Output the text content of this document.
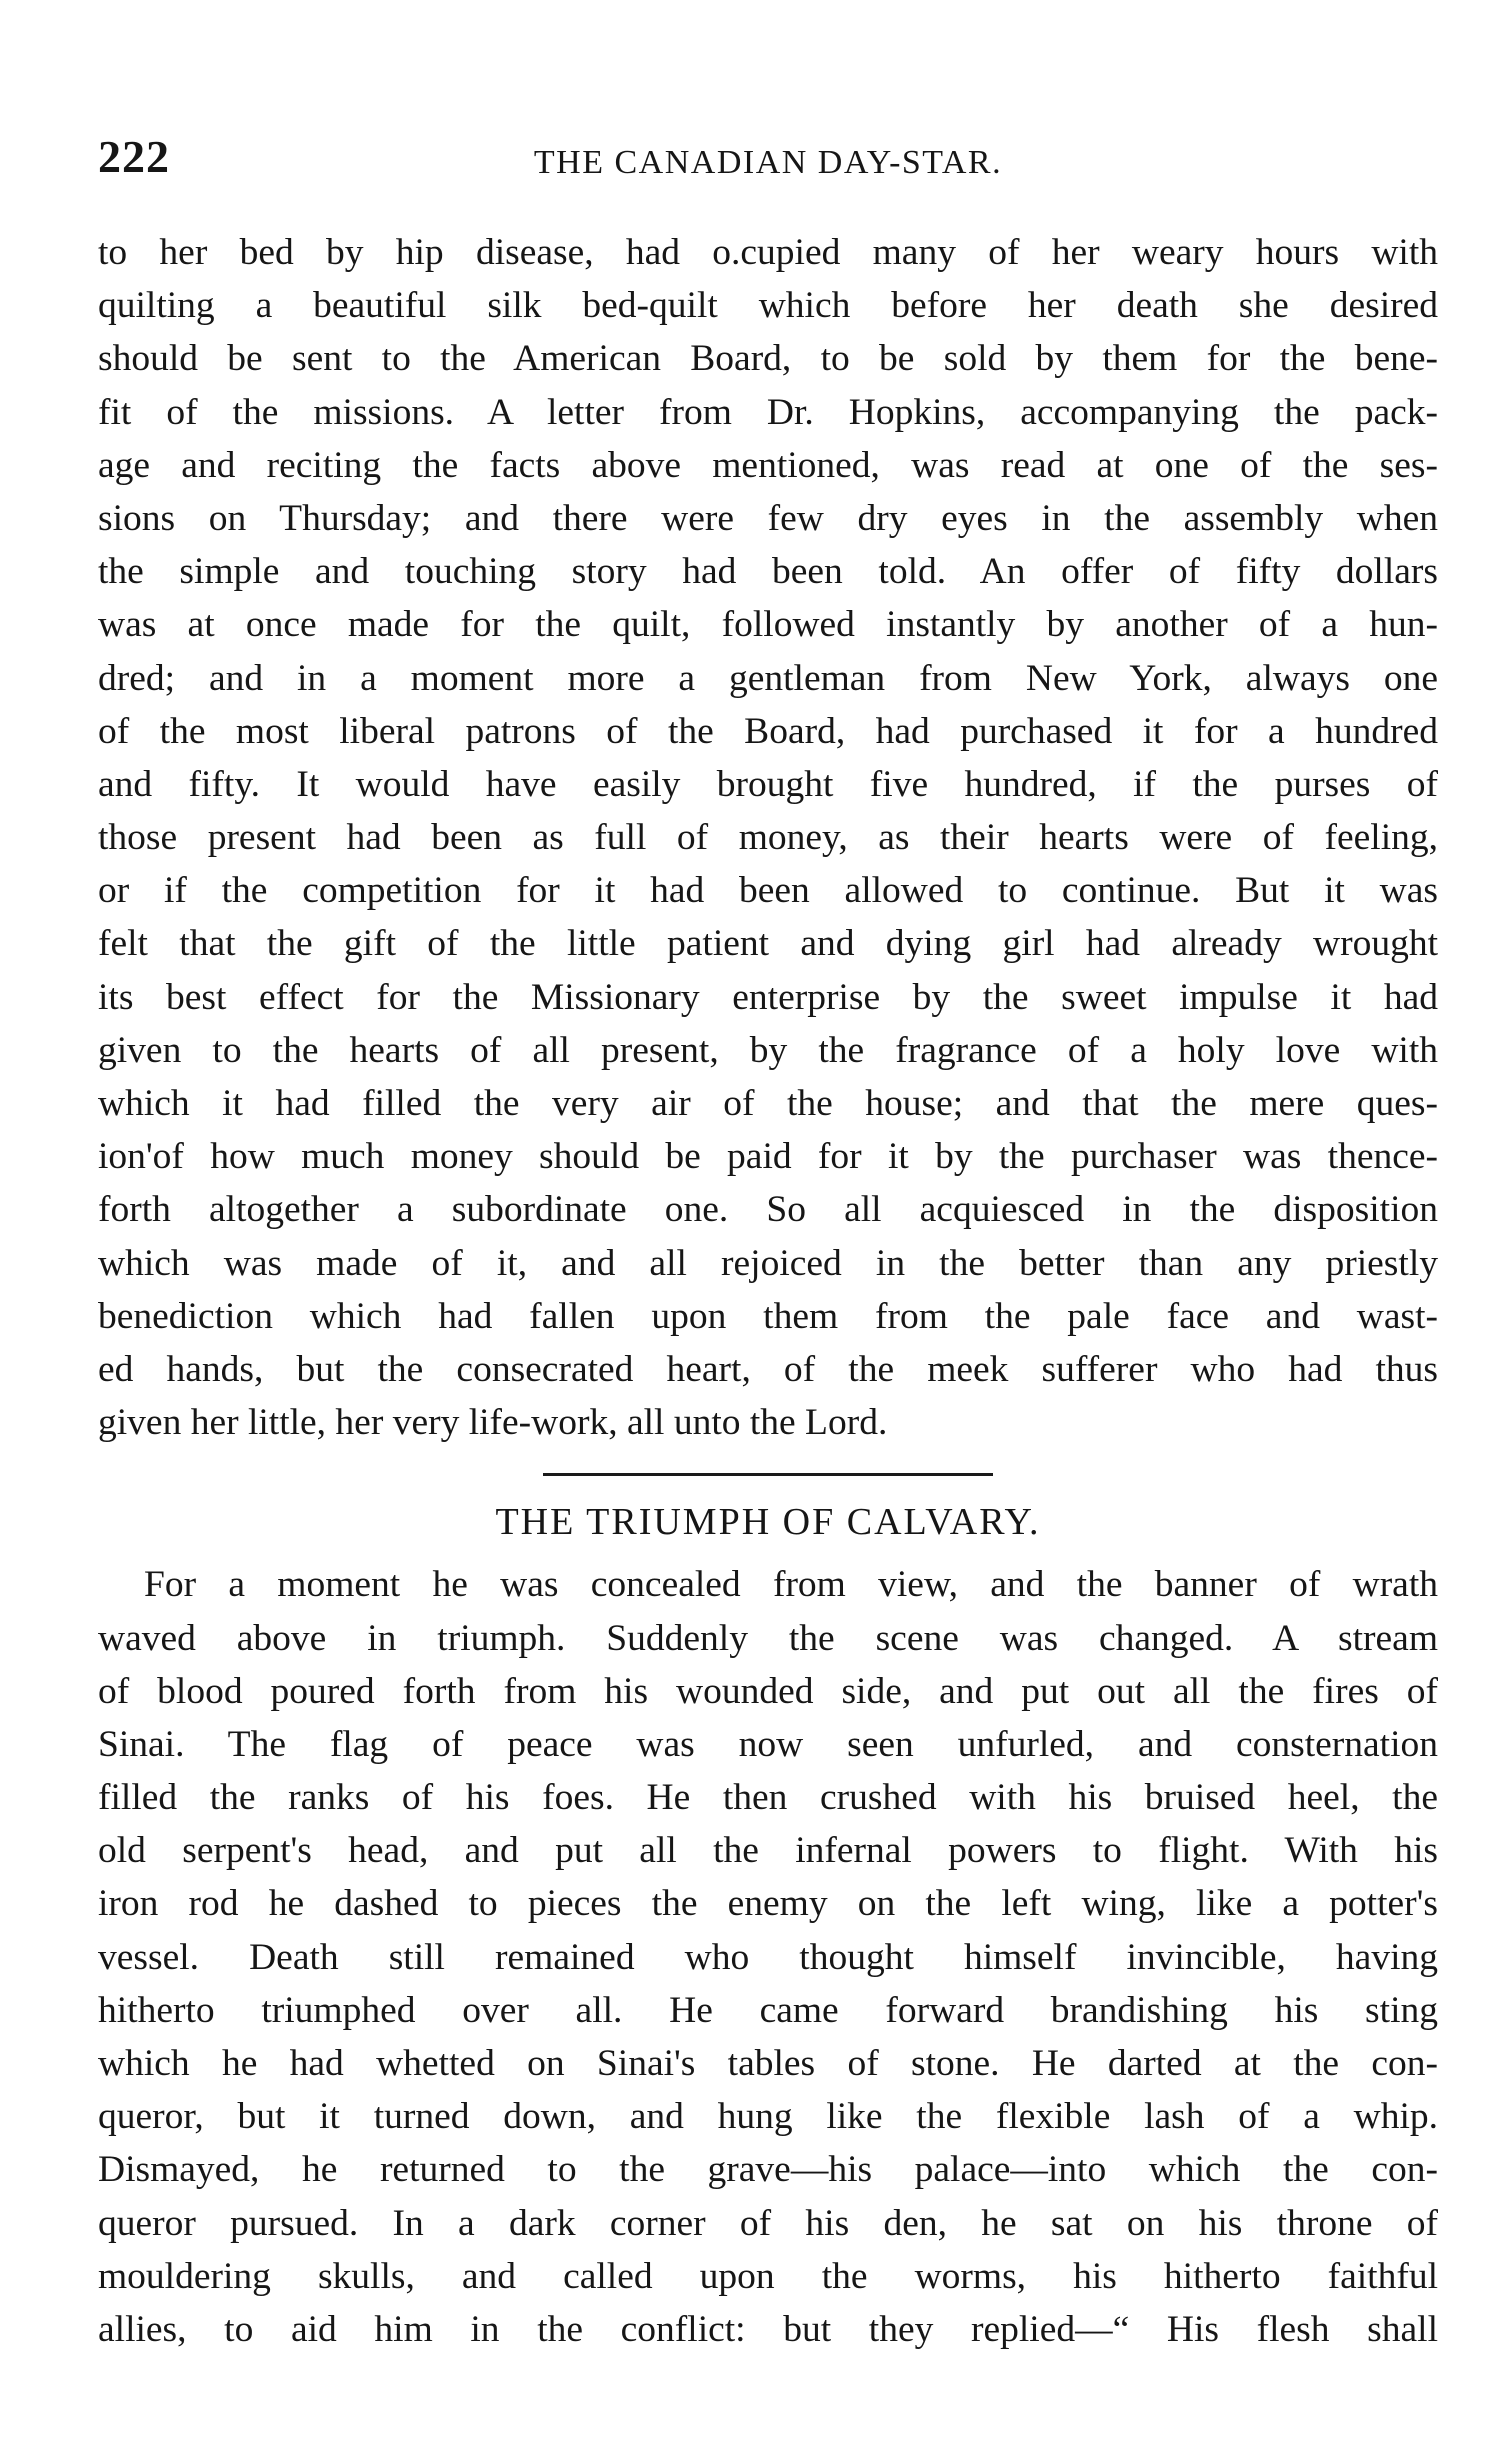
222	THE CANADIAN DAY-STAR.
to her bed by hip disease, had o.cupied many of her weary hours with
quilting a beautiful silk bed-quilt which before her death she desired
should be sent to the American Board, to be sold by them for the bene-
fit of the missions. A letter from Dr. Hopkins, accompanying the pack-
age and reciting the facts above mentioned, was read at one of the ses-
sions on Thursday; and there were few dry eyes in the assembly when
the simple and touching story had been told. An offer of fifty dollars
was at once made for the quilt, followed instantly by another of a hun-
dred; and in a moment more a gentleman from New York, always one
of the most liberal patrons of the Board, had purchased it for a hundred
and fifty. It would have easily brought five hundred, if the purses of
those present had been as full of money, as their hearts were of feeling,
or if the competition for it had been allowed to continue. But it was
felt that the gift of the little patient and dying girl had already wrought
its best effect for the Missionary enterprise by the sweet impulse it had
given to the hearts of all present, by the fragrance of a holy love with
which it had filled the very air of the house; and that the mere ques-
ion'of how much money should be paid for it by the purchaser was thence-
forth altogether a subordinate one. So all acquiesced in the disposition
which was made of it, and all rejoiced in the better than any priestly
benediction which had fallen upon them from the pale face and wast-
ed hands, but the consecrated heart, of the meek sufferer who had thus
given her little, her very life-work, all unto the Lord.
THE TRIUMPH OF CALVARY.
For a moment he was concealed from view, and the banner of wrath
waved above in triumph. Suddenly the scene was changed. A stream
of blood poured forth from his wounded side, and put out all the fires of
Sinai. The flag of peace was now seen unfurled, and consternation
filled the ranks of his foes. He then crushed with his bruised heel, the
old serpent's head, and put all the infernal powers to flight. With his
iron rod he dashed to pieces the enemy on the left wing, like a potter's
vessel. Death still remained who thought himself invincible, having
hitherto triumphed over all. He came forward brandishing his sting
which he had whetted on Sinai's tables of stone. He darted at the con-
queror, but it turned down, and hung like the flexible lash of a whip.
Dismayed, he returned to the grave—his palace—into which the con-
queror pursued. In a dark corner of his den, he sat on his throne of
mouldering skulls, and called upon the worms, his hitherto faithful
allies, to aid him in the conflict: but they replied—“ His flesh shall
